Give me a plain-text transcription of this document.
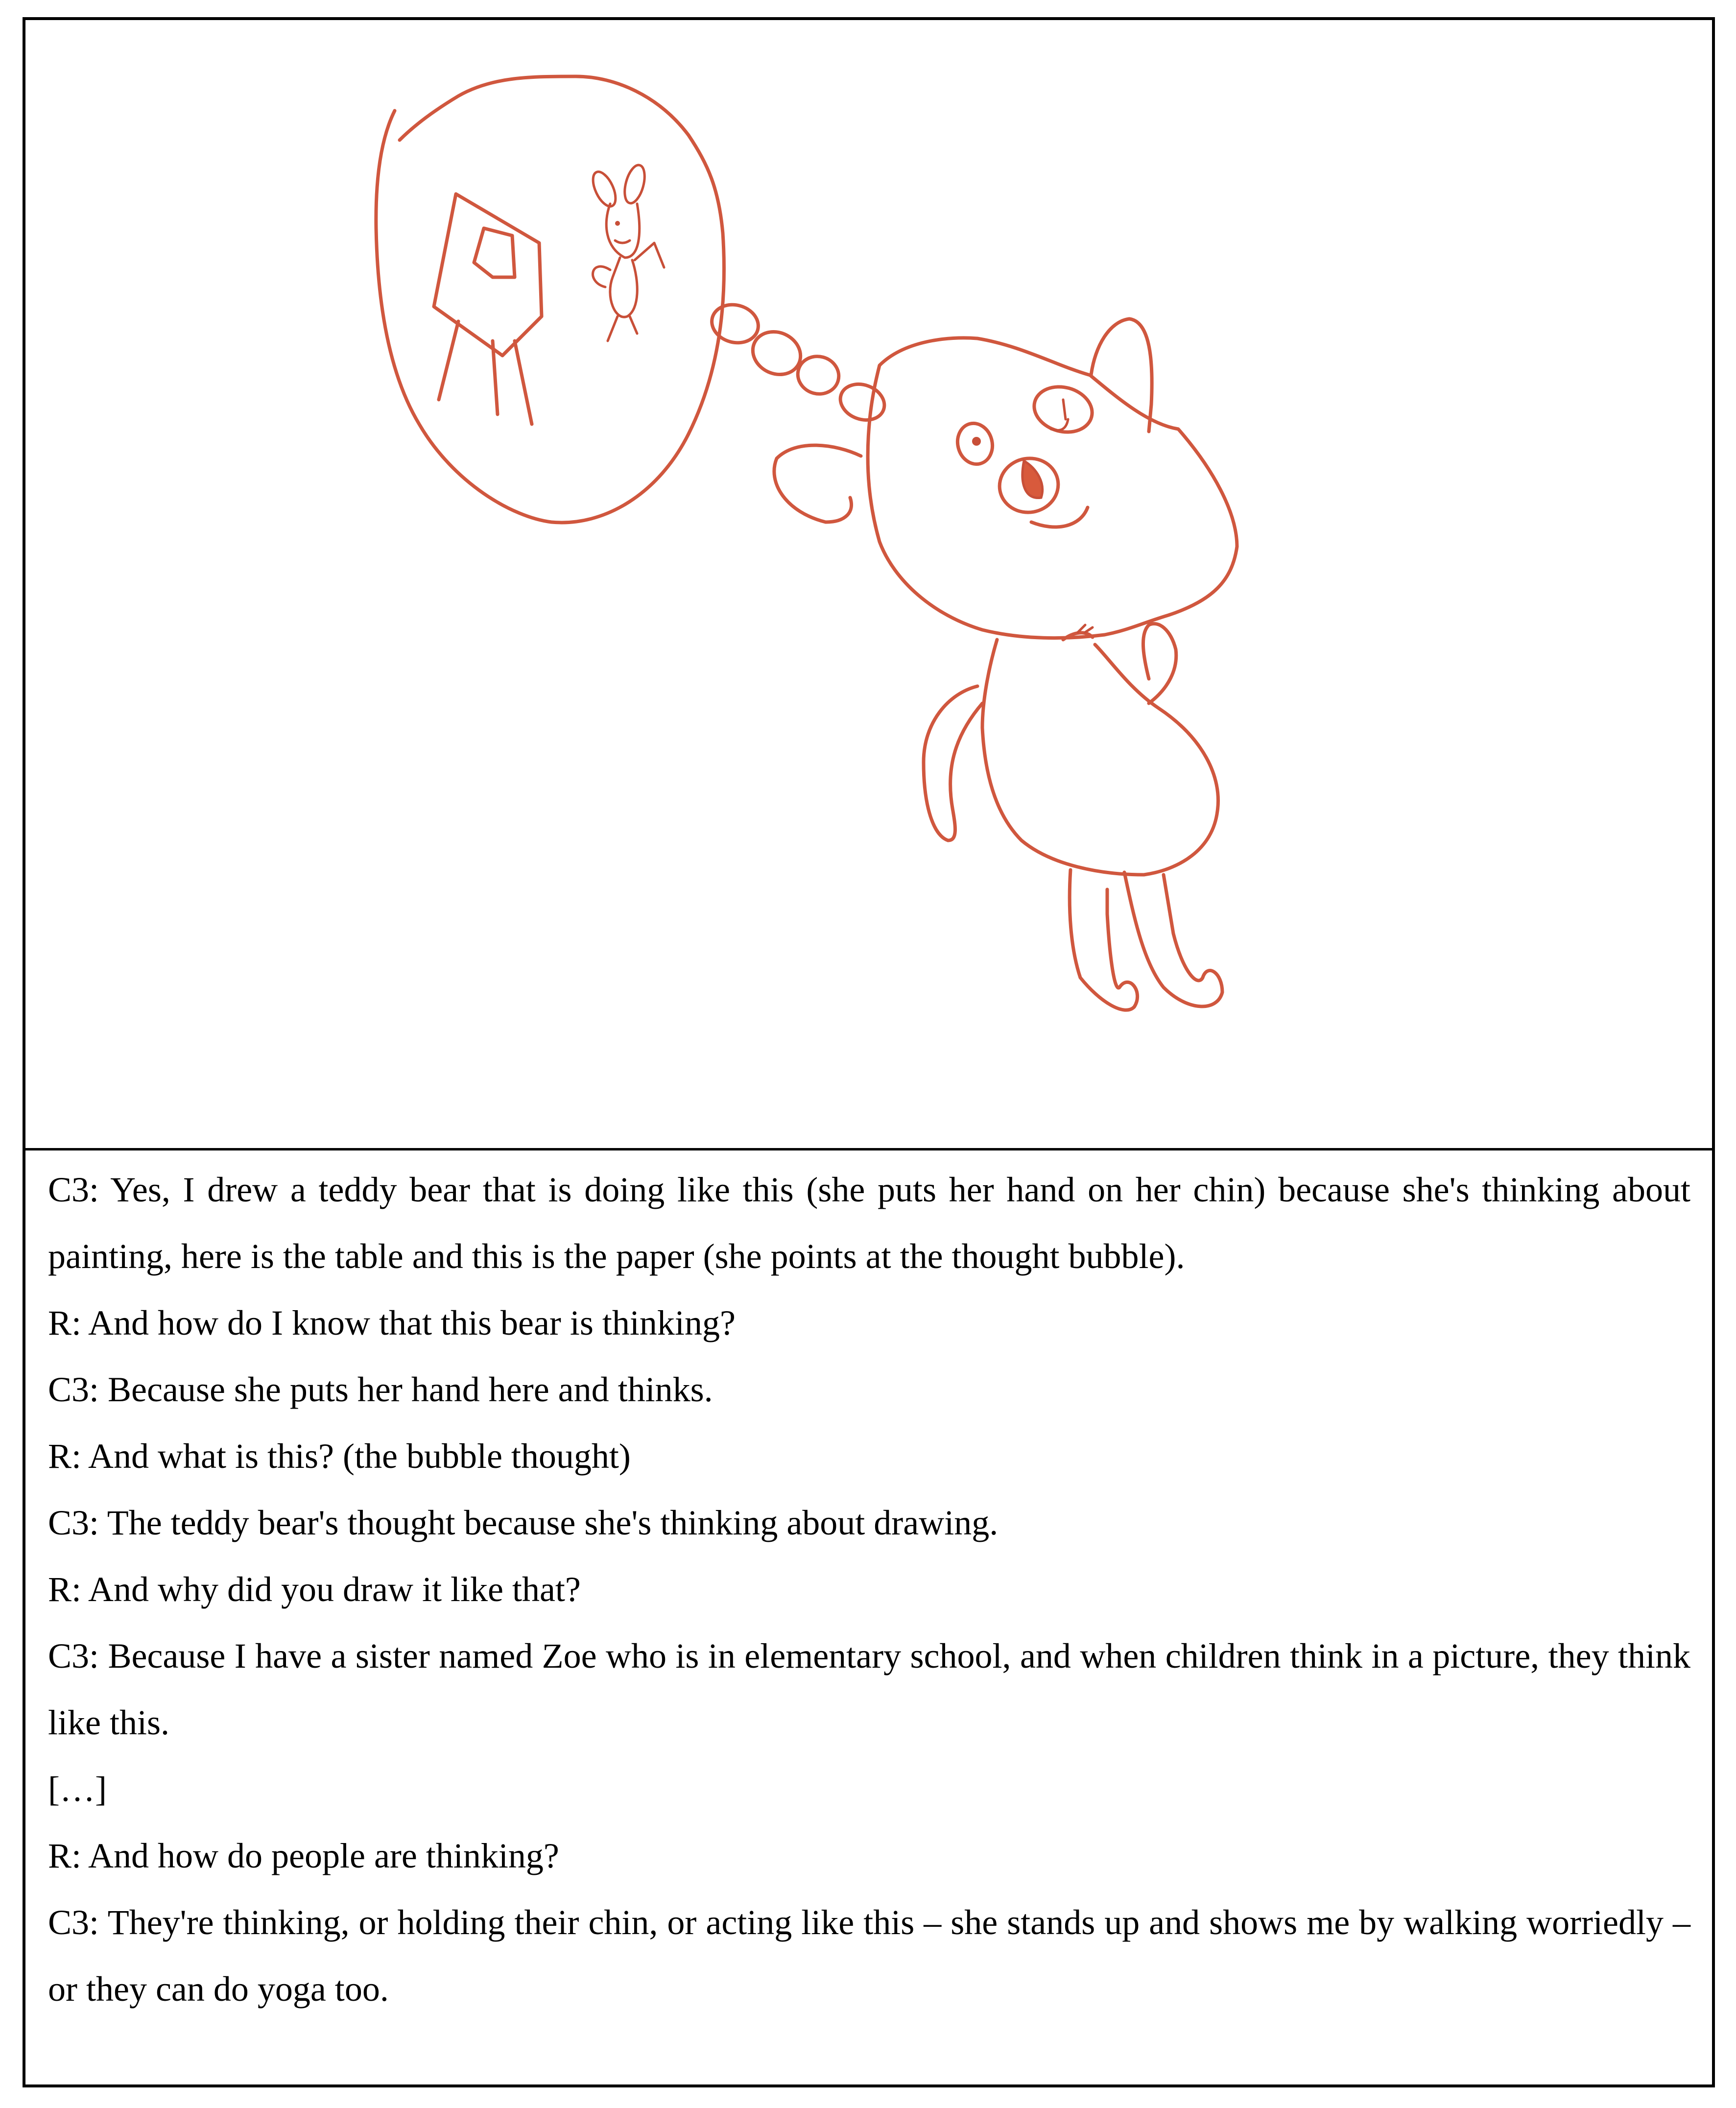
C3: Yes, I drew a teddy bear that is doing like this (she puts her hand on her chin) because she's thinking about painting, here is the table and this is the paper (she points at the thought bubble).

R: And how do I know that this bear is thinking?

C3: Because she puts her hand here and thinks.

R: And what is this? (the bubble thought)

C3: The teddy bear's thought because she's thinking about drawing.

R: And why did you draw it like that?

C3: Because I have a sister named Zoe who is in elementary school, and when children think in a picture, they think like this.

[…]

R: And how do people are thinking?

C3: They're thinking, or holding their chin, or acting like this – she stands up and shows me by walking worriedly – or they can do yoga too.
